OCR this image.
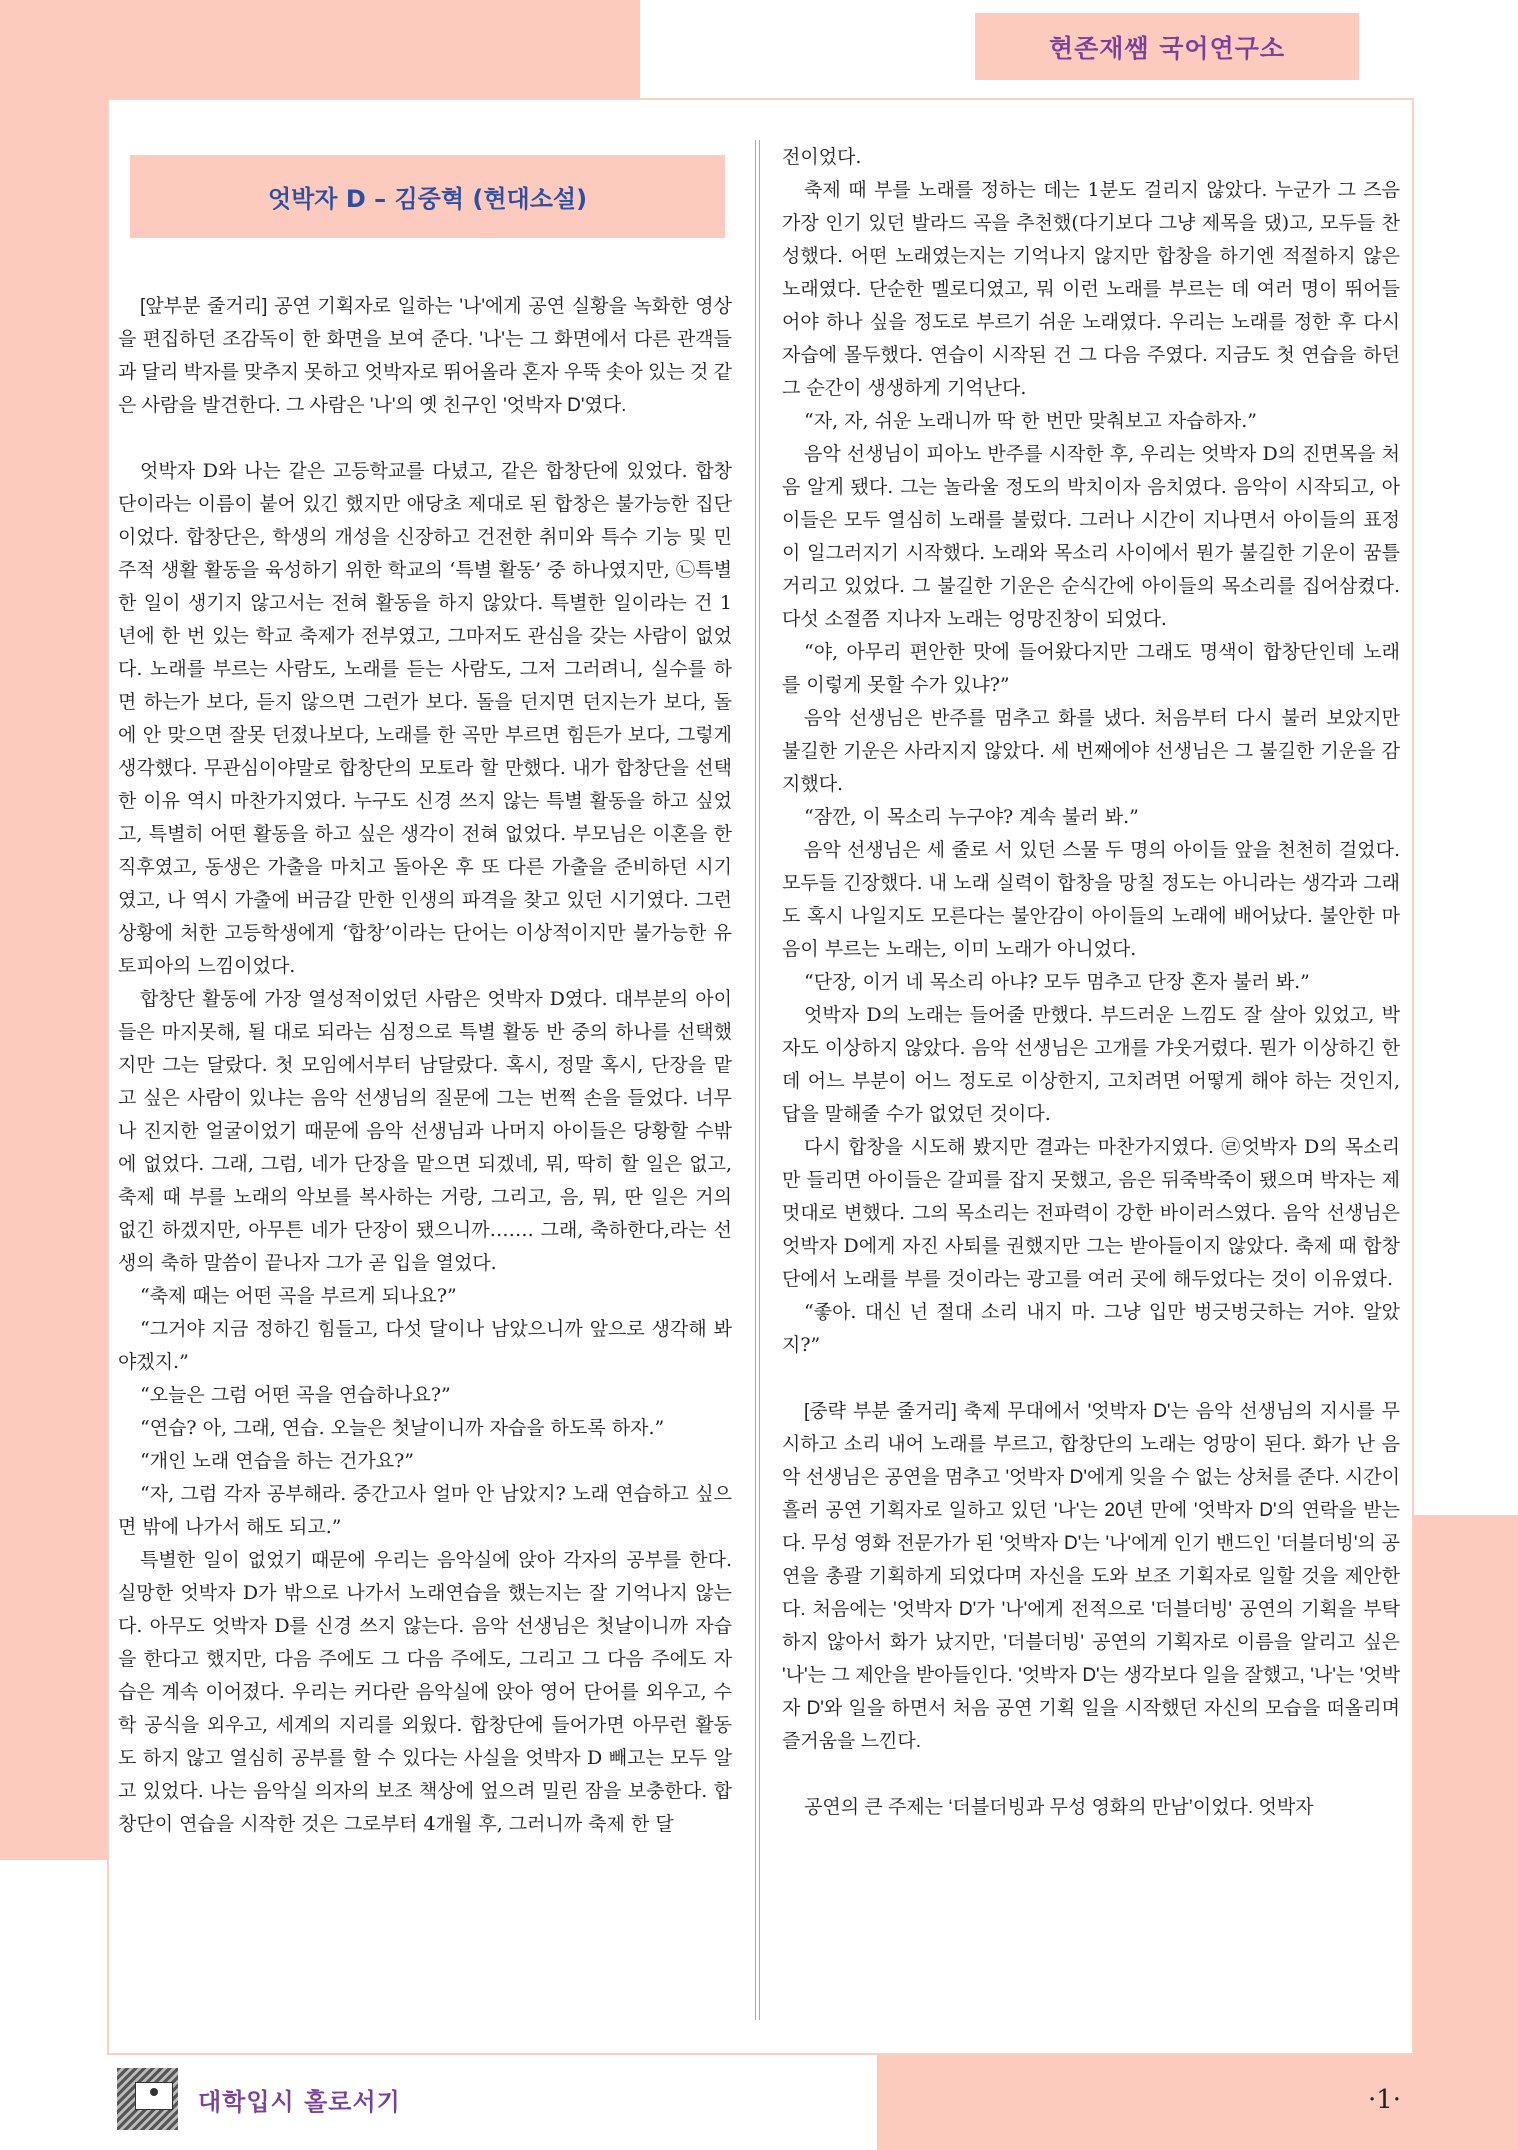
현존재쌤 국어연구소
엇박자 D – 김중혁 (현대소설)

[앞부분 줄거리] 공연 기획자로 일하는 '나'에게 공연 실황을 녹화한 영상을 편집하던 조감독이 한 화면을 보여 준다. '나'는 그 화면에서 다른 관객들과 달리 박자를 맞추지 못하고 엇박자로 뛰어올라 혼자 우뚝 솟아 있는 것 같은 사람을 발견한다. 그 사람은 '나'의 옛 친구인 '엇박자 D'였다.

엇박자 D와 나는 같은 고등학교를 다녔고, 같은 합창단에 있었다. 합창단이라는 이름이 붙어 있긴 했지만 애당초 제대로 된 합창은 불가능한 집단이었다. 합창단은, 학생의 개성을 신장하고 건전한 취미와 특수 기능 및 민주적 생활 활동을 육성하기 위한 학교의 ‘특별 활동’ 중 하나였지만, ㉡특별한 일이 생기지 않고서는 전혀 활동을 하지 않았다. 특별한 일이라는 건 1년에 한 번 있는 학교 축제가 전부였고, 그마저도 관심을 갖는 사람이 없었다. 노래를 부르는 사람도, 노래를 듣는 사람도, 그저 그러려니, 실수를 하면 하는가 보다, 듣지 않으면 그런가 보다. 돌을 던지면 던지는가 보다, 돌에 안 맞으면 잘못 던졌나보다, 노래를 한 곡만 부르면 힘든가 보다, 그렇게 생각했다. 무관심이야말로 합창단의 모토라 할 만했다. 내가 합창단을 선택한 이유 역시 마찬가지였다. 누구도 신경 쓰지 않는 특별 활동을 하고 싶었고, 특별히 어떤 활동을 하고 싶은 생각이 전혀 없었다. 부모님은 이혼을 한 직후였고, 동생은 가출을 마치고 돌아온 후 또 다른 가출을 준비하던 시기였고, 나 역시 가출에 버금갈 만한 인생의 파격을 찾고 있던 시기였다. 그런 상황에 처한 고등학생에게 ‘합창’이라는 단어는 이상적이지만 불가능한 유토피아의 느낌이었다.

합창단 활동에 가장 열성적이었던 사람은 엇박자 D였다. 대부분의 아이들은 마지못해, 될 대로 되라는 심정으로 특별 활동 반 중의 하나를 선택했지만 그는 달랐다. 첫 모임에서부터 남달랐다. 혹시, 정말 혹시, 단장을 맡고 싶은 사람이 있냐는 음악 선생님의 질문에 그는 번쩍 손을 들었다. 너무나 진지한 얼굴이었기 때문에 음악 선생님과 나머지 아이들은 당황할 수밖에 없었다. 그래, 그럼, 네가 단장을 맡으면 되겠네, 뭐, 딱히 할 일은 없고, 축제 때 부를 노래의 악보를 복사하는 거랑, 그리고, 음, 뭐, 딴 일은 거의 없긴 하겠지만, 아무튼 네가 단장이 됐으니까……. 그래, 축하한다,라는 선생의 축하 말씀이 끝나자 그가 곧 입을 열었다.

“축제 때는 어떤 곡을 부르게 되나요?”

“그거야 지금 정하긴 힘들고, 다섯 달이나 남았으니까 앞으로 생각해 봐야겠지.”

“오늘은 그럼 어떤 곡을 연습하나요?”

“연습? 아, 그래, 연습. 오늘은 첫날이니까 자습을 하도록 하자.”

“개인 노래 연습을 하는 건가요?”

“자, 그럼 각자 공부해라. 중간고사 얼마 안 남았지? 노래 연습하고 싶으면 밖에 나가서 해도 되고.”

특별한 일이 없었기 때문에 우리는 음악실에 앉아 각자의 공부를 한다. 실망한 엇박자 D가 밖으로 나가서 노래연습을 했는지는 잘 기억나지 않는다. 아무도 엇박자 D를 신경 쓰지 않는다. 음악 선생님은 첫날이니까 자습을 한다고 했지만, 다음 주에도 그 다음 주에도, 그리고 그 다음 주에도 자습은 계속 이어졌다. 우리는 커다란 음악실에 앉아 영어 단어를 외우고, 수학 공식을 외우고, 세계의 지리를 외웠다. 합창단에 들어가면 아무런 활동도 하지 않고 열심히 공부를 할 수 있다는 사실을 엇박자 D 빼고는 모두 알고 있었다. 나는 음악실 의자의 보조 책상에 엎으려 밀린 잠을 보충한다. 합창단이 연습을 시작한 것은 그로부터 4개월 후, 그러니까 축제 한 달

전이었다.

축제 때 부를 노래를 정하는 데는 1분도 걸리지 않았다. 누군가 그 즈음 가장 인기 있던 발라드 곡을 추천했(다기보다 그냥 제목을 댔)고, 모두들 찬성했다. 어떤 노래였는지는 기억나지 않지만 합창을 하기엔 적절하지 않은 노래였다. 단순한 멜로디였고, 뭐 이런 노래를 부르는 데 여러 명이 뛰어들어야 하나 싶을 정도로 부르기 쉬운 노래였다. 우리는 노래를 정한 후 다시 자습에 몰두했다. 연습이 시작된 건 그 다음 주였다. 지금도 첫 연습을 하던 그 순간이 생생하게 기억난다.

“자, 자, 쉬운 노래니까 딱 한 번만 맞춰보고 자습하자.”

음악 선생님이 피아노 반주를 시작한 후, 우리는 엇박자 D의 진면목을 처음 알게 됐다. 그는 놀라울 정도의 박치이자 음치였다. 음악이 시작되고, 아이들은 모두 열심히 노래를 불렀다. 그러나 시간이 지나면서 아이들의 표정이 일그러지기 시작했다. 노래와 목소리 사이에서 뭔가 불길한 기운이 꿈틀거리고 있었다. 그 불길한 기운은 순식간에 아이들의 목소리를 집어삼켰다. 다섯 소절쯤 지나자 노래는 엉망진창이 되었다.

“야, 아무리 편안한 맛에 들어왔다지만 그래도 명색이 합창단인데 노래를 이렇게 못할 수가 있냐?”

음악 선생님은 반주를 멈추고 화를 냈다. 처음부터 다시 불러 보았지만 불길한 기운은 사라지지 않았다. 세 번째에야 선생님은 그 불길한 기운을 감지했다.

“잠깐, 이 목소리 누구야? 계속 불러 봐.”

음악 선생님은 세 줄로 서 있던 스물 두 명의 아이들 앞을 천천히 걸었다. 모두들 긴장했다. 내 노래 실력이 합창을 망칠 정도는 아니라는 생각과 그래도 혹시 나일지도 모른다는 불안감이 아이들의 노래에 배어났다. 불안한 마음이 부르는 노래는, 이미 노래가 아니었다.

“단장, 이거 네 목소리 아냐? 모두 멈추고 단장 혼자 불러 봐.”

엇박자 D의 노래는 들어줄 만했다. 부드러운 느낌도 잘 살아 있었고, 박자도 이상하지 않았다. 음악 선생님은 고개를 갸웃거렸다. 뭔가 이상하긴 한데 어느 부분이 어느 정도로 이상한지, 고치려면 어떻게 해야 하는 것인지, 답을 말해줄 수가 없었던 것이다.

다시 합창을 시도해 봤지만 결과는 마찬가지였다. ㉣엇박자 D의 목소리만 들리면 아이들은 갈피를 잡지 못했고, 음은 뒤죽박죽이 됐으며 박자는 제멋대로 변했다. 그의 목소리는 전파력이 강한 바이러스였다. 음악 선생님은 엇박자 D에게 자진 사퇴를 권했지만 그는 받아들이지 않았다. 축제 때 합창단에서 노래를 부를 것이라는 광고를 여러 곳에 해두었다는 것이 이유였다.

“좋아. 대신 넌 절대 소리 내지 마. 그냥 입만 벙긋벙긋하는 거야. 알았지?”

[중략 부분 줄거리] 축제 무대에서 '엇박자 D'는 음악 선생님의 지시를 무시하고 소리 내어 노래를 부르고, 합창단의 노래는 엉망이 된다. 화가 난 음악 선생님은 공연을 멈추고 '엇박자 D'에게 잊을 수 없는 상처를 준다. 시간이 흘러 공연 기획자로 일하고 있던 '나'는 20년 만에 '엇박자 D'의 연락을 받는다. 무성 영화 전문가가 된 '엇박자 D'는 '나'에게 인기 밴드인 '더블더빙'의 공연을 총괄 기획하게 되었다며 자신을 도와 보조 기획자로 일할 것을 제안한다. 처음에는 '엇박자 D'가 '나'에게 전적으로 '더블더빙' 공연의 기획을 부탁하지 않아서 화가 났지만, '더블더빙' 공연의 기획자로 이름을 알리고 싶은 '나'는 그 제안을 받아들인다. '엇박자 D'는 생각보다 일을 잘했고, '나'는 '엇박자 D'와 일을 하면서 처음 공연 기획 일을 시작했던 자신의 모습을 떠올리며 즐거움을 느낀다.

공연의 큰 주제는 ‘더블더빙과 무성 영화의 만남’이었다. 엇박자

대학입시 홀로서기	·1·
